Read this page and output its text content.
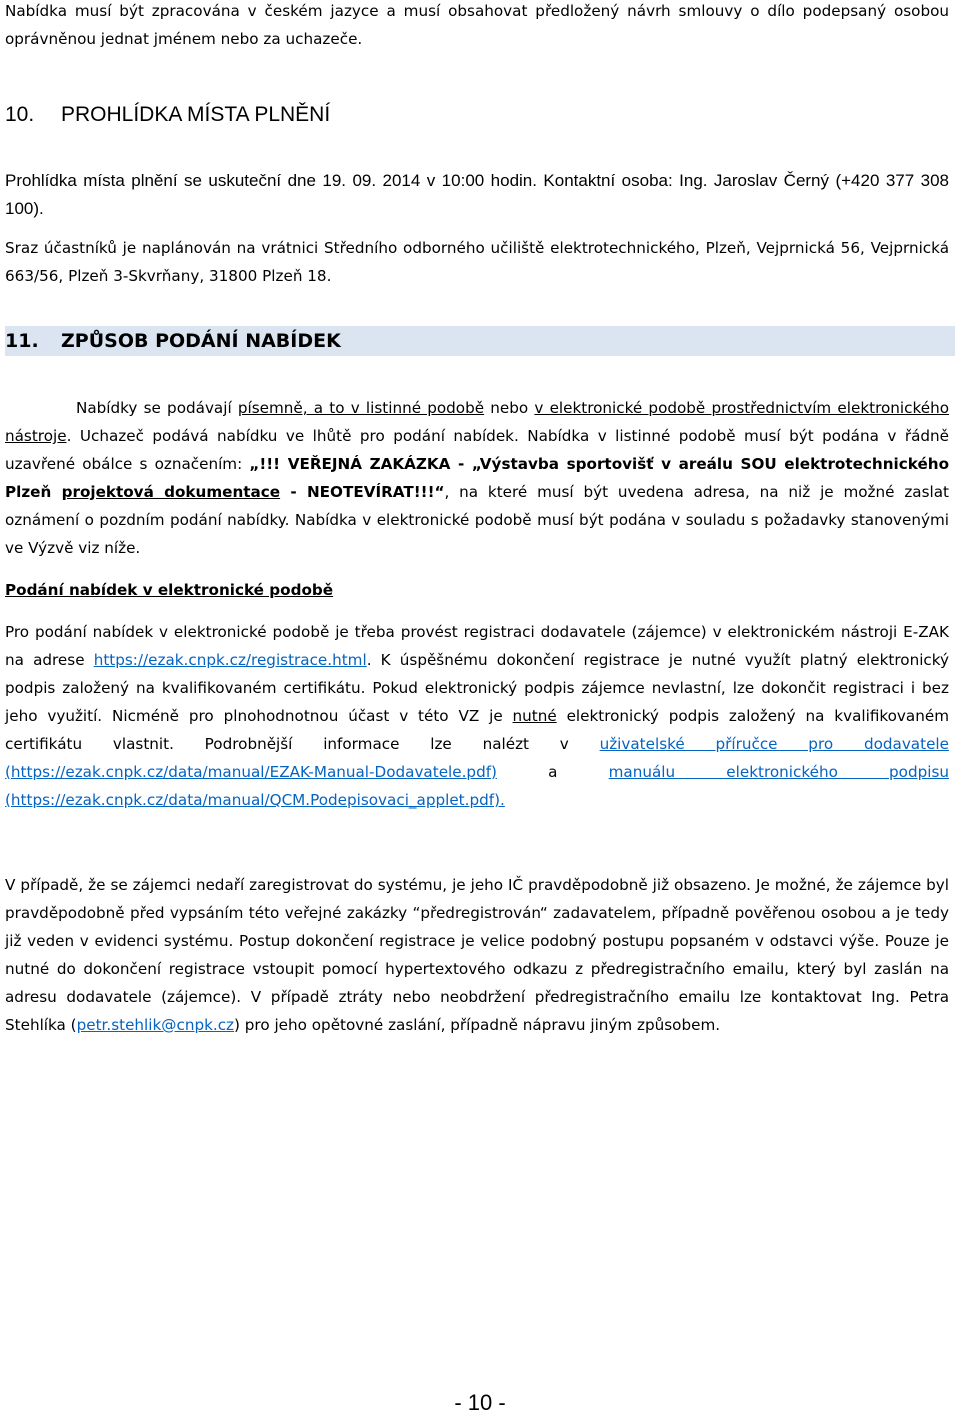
Nabídka musí být zpracována v českém jazyce a musí obsahovat předložený návrh smlouvy o dílo podepsaný osobou oprávněnou jednat jménem nebo za uchazeče.

10. PROHLÍDKA MÍSTA PLNĚNÍ

Prohlídka místa plnění se uskuteční dne 19. 09. 2014 v 10:00 hodin. Kontaktní osoba: Ing. Jaroslav Černý (+420 377 308 100).

Sraz účastníků je naplánován na vrátnici Středního odborného učiliště elektrotechnického, Plzeň, Vejprnická 56, Vejprnická 663/56, Plzeň 3-Skvrňany, 31800 Plzeň 18.

11. ZPŮSOB PODÁNÍ NABÍDEK

Nabídky se podávají písemně, a to v listinné podobě nebo v elektronické podobě prostřednictvím elektronického nástroje. Uchazeč podává nabídku ve lhůtě pro podání nabídek. Nabídka v listinné podobě musí být podána v řádně uzavřené obálce s označením: „!!! VEŘEJNÁ ZAKÁZKA - „Výstavba sportovišť v areálu SOU elektrotechnického Plzeň projektová dokumentace - NEOTEVÍRAT!!!“, na které musí být uvedena adresa, na niž je možné zaslat oznámení o pozdním podání nabídky. Nabídka v elektronické podobě musí být podána v souladu s požadavky stanovenými ve Výzvě viz níže.

Podání nabídek v elektronické podobě

Pro podání nabídek v elektronické podobě je třeba provést registraci dodavatele (zájemce) v elektronickém nástroji E-ZAK na adrese https://ezak.cnpk.cz/registrace.html. K úspěšnému dokončení registrace je nutné využít platný elektronický podpis založený na kvalifikovaném certifikátu. Pokud elektronický podpis zájemce nevlastní, lze dokončit registraci i bez jeho využití. Nicméně pro plnohodnotnou účast v této VZ je nutné elektronický podpis založený na kvalifikovaném certifikátu vlastnit. Podrobnější informace lze nalézt v uživatelské příručce pro dodavatele (https://ezak.cnpk.cz/data/manual/EZAK-Manual-Dodavatele.pdf) a manuálu elektronického podpisu (https://ezak.cnpk.cz/data/manual/QCM.Podepisovaci_applet.pdf).

V případě, že se zájemci nedaří zaregistrovat do systému, je jeho IČ pravděpodobně již obsazeno. Je možné, že zájemce byl pravděpodobně před vypsáním této veřejné zakázky “předregistrován“ zadavatelem, případně pověřenou osobou a je tedy již veden v evidenci systému. Postup dokončení registrace je velice podobný postupu popsaném v odstavci výše. Pouze je nutné do dokončení registrace vstoupit pomocí hypertextového odkazu z předregistračního emailu, který byl zaslán na adresu dodavatele (zájemce). V případě ztráty nebo neobdržení předregistračního emailu lze kontaktovat Ing. Petra Stehlíka (petr.stehlik@cnpk.cz) pro jeho opětovné zaslání, případně nápravu jiným způsobem.

- 10 -
